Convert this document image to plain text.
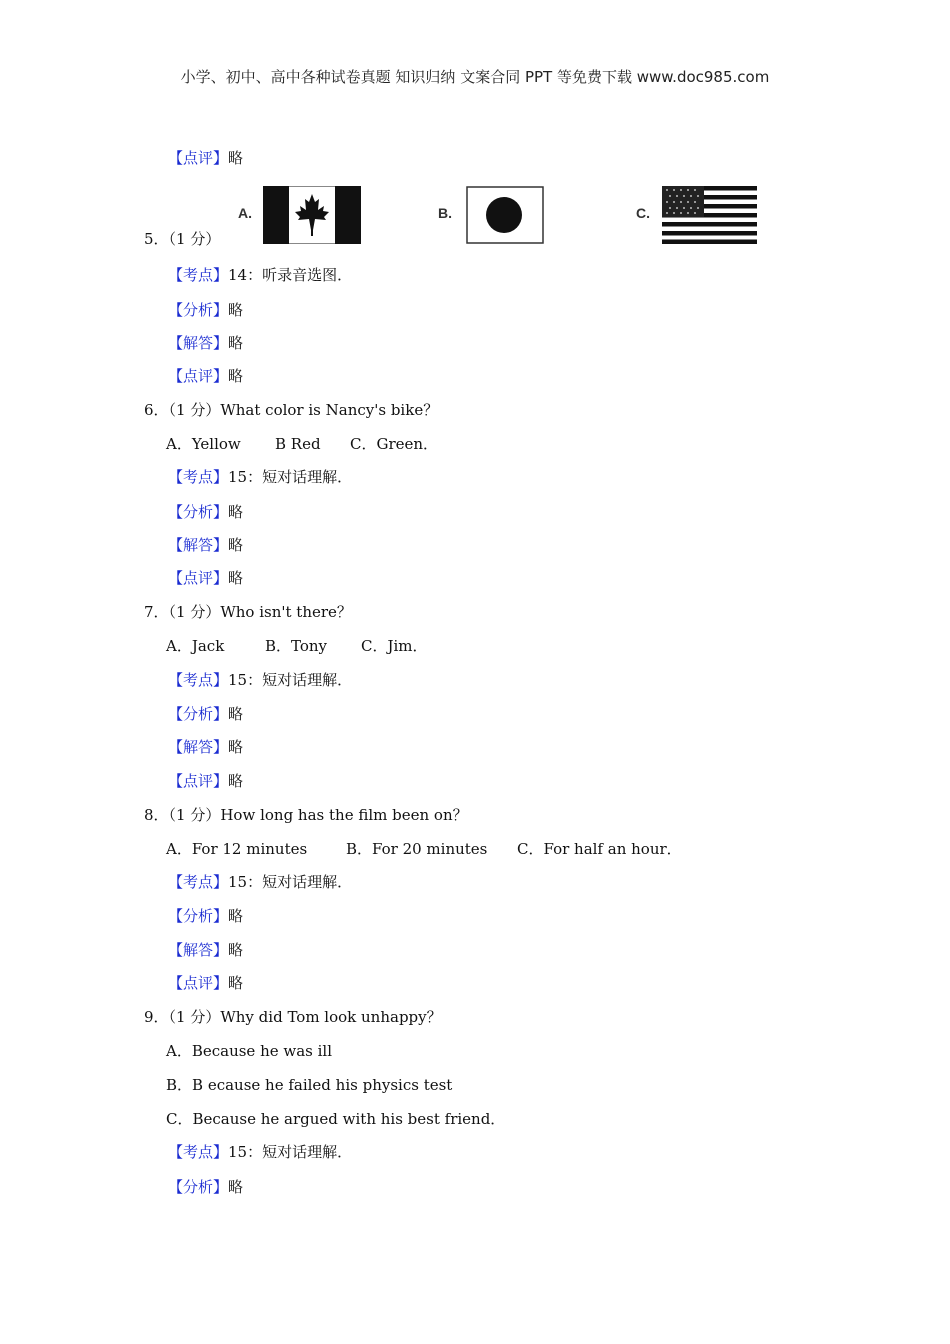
小学、初中、高中各种试卷真题 知识归纳 文案合同 PPT 等免费下载 www.doc985.com
【点评】略
A.	B.	C.
5．（1 分）
【考点】14：听录音选图．
【分析】略
【解答】略
【点评】略
6．（1 分）What color is Nancy's bike？
A．Yellow B Red C．Green．
【考点】15：短对话理解．
【分析】略
【解答】略
【点评】略
7．（1 分）Who isn't there？
A．Jack	B．Tony C．Jim．
【考点】15：短对话理解．
【分析】略
【解答】略
【点评】略
8．（1 分）How long has the film been on？
A．For 12 minutes	B．For 20 minutes C．For half an hour．
【考点】15：短对话理解．
【分析】略
【解答】略
【点评】略
9．（1 分）Why did Tom look unhappy？
A．Because he was ill
B．B ecause he failed his physics test
C．Because he argued with his best friend．
【考点】15：短对话理解．
【分析】略
